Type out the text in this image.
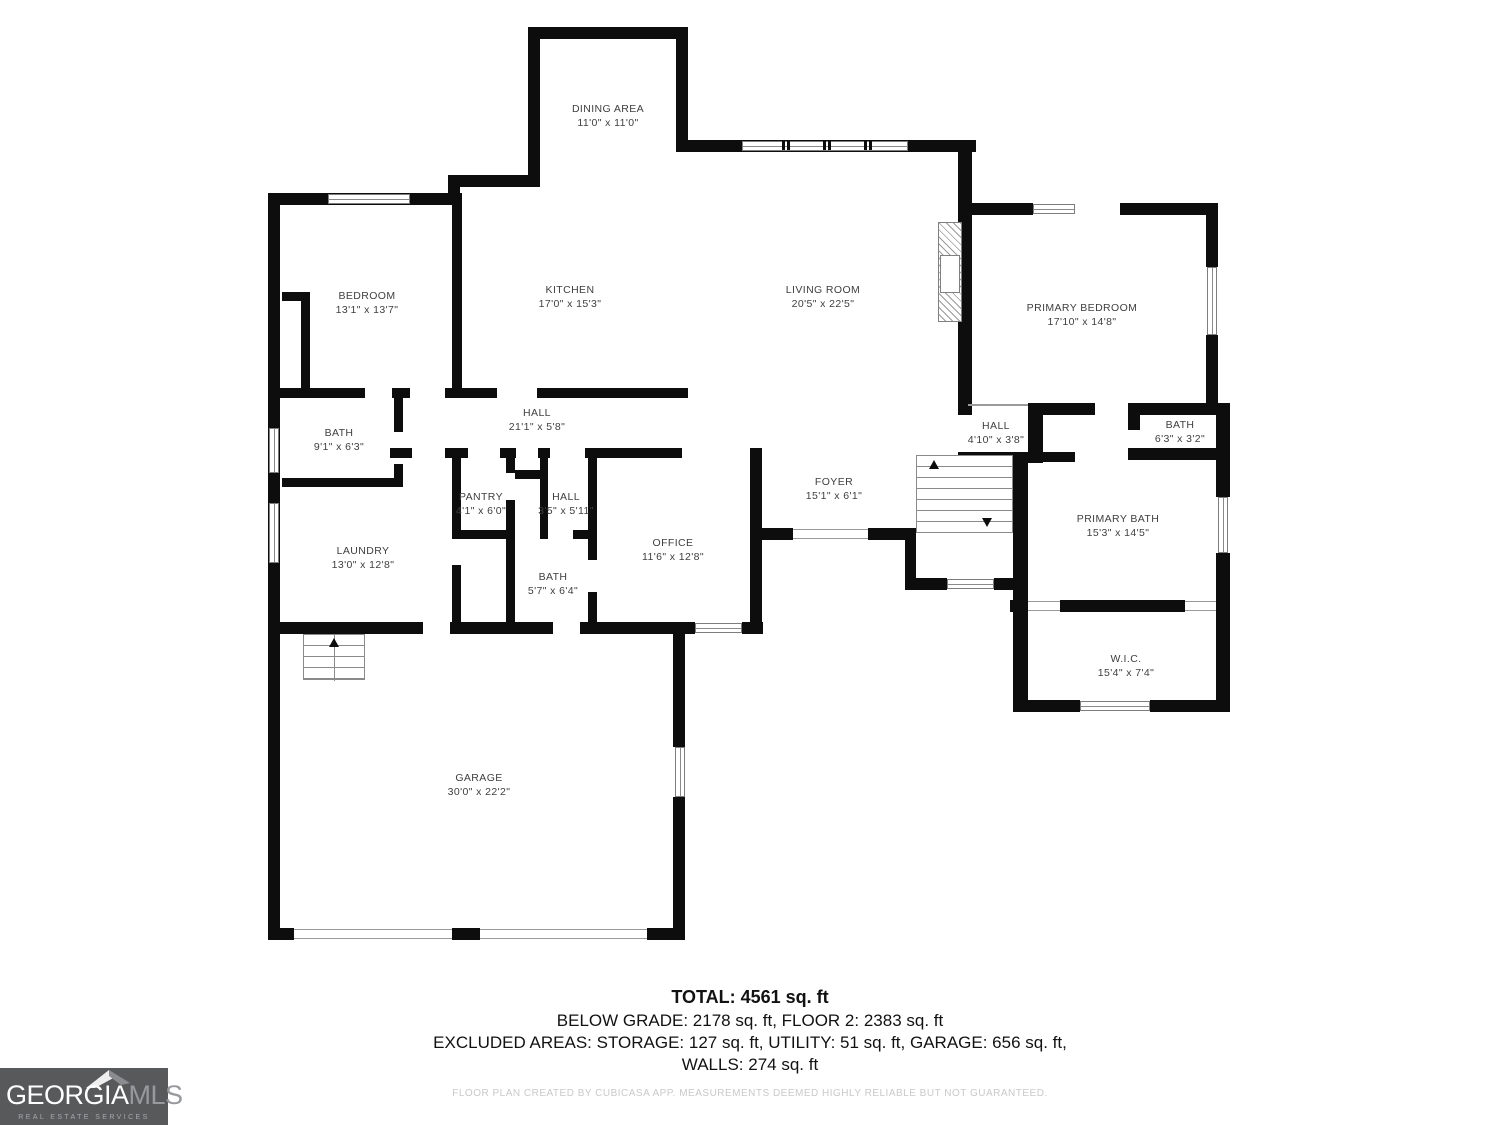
DINING AREA
11'0" x 11'0"
KITCHEN
17'0" x 15'3"
LIVING ROOM
20'5" x 22'5"
BEDROOM
13'1" x 13'7"	PRIMARY BEDROOM
17'10" x 14'8"
BATH
9'1" x 6'3"
HALL
21'1" x 5'8"	HALL
4'10" x 3'8"
BATH
6'3" x 3'2"
FOYER
15'1" x 6'1"
PANTRY
4'1" x 6'0"
HALL
3'5" x 5'11"
PRIMARY BATH
15'3" x 14'5"
LAUNDRY
13'0" x 12'8"
BATH
5'7" x 6'4"
OFFICE
11'6" x 12'8"
W.I.C.
15'4" x 7'4"
GARAGE
30'0" x 22'2"
TOTAL: 4561 sq. ft
BELOW GRADE: 2178 sq. ft, FLOOR 2: 2383 sq. ft
EXCLUDED AREAS: STORAGE: 127 sq. ft, UTILITY: 51 sq. ft, GARAGE: 656 sq. ft,
WALLS: 274 sq. ft
FLOOR PLAN CREATED BY CUBICASA APP. MEASUREMENTS DEEMED HIGHLY RELIABLE BUT NOT GUARANTEED.
GEORGIAMLS
REAL ESTATE SERVICES
